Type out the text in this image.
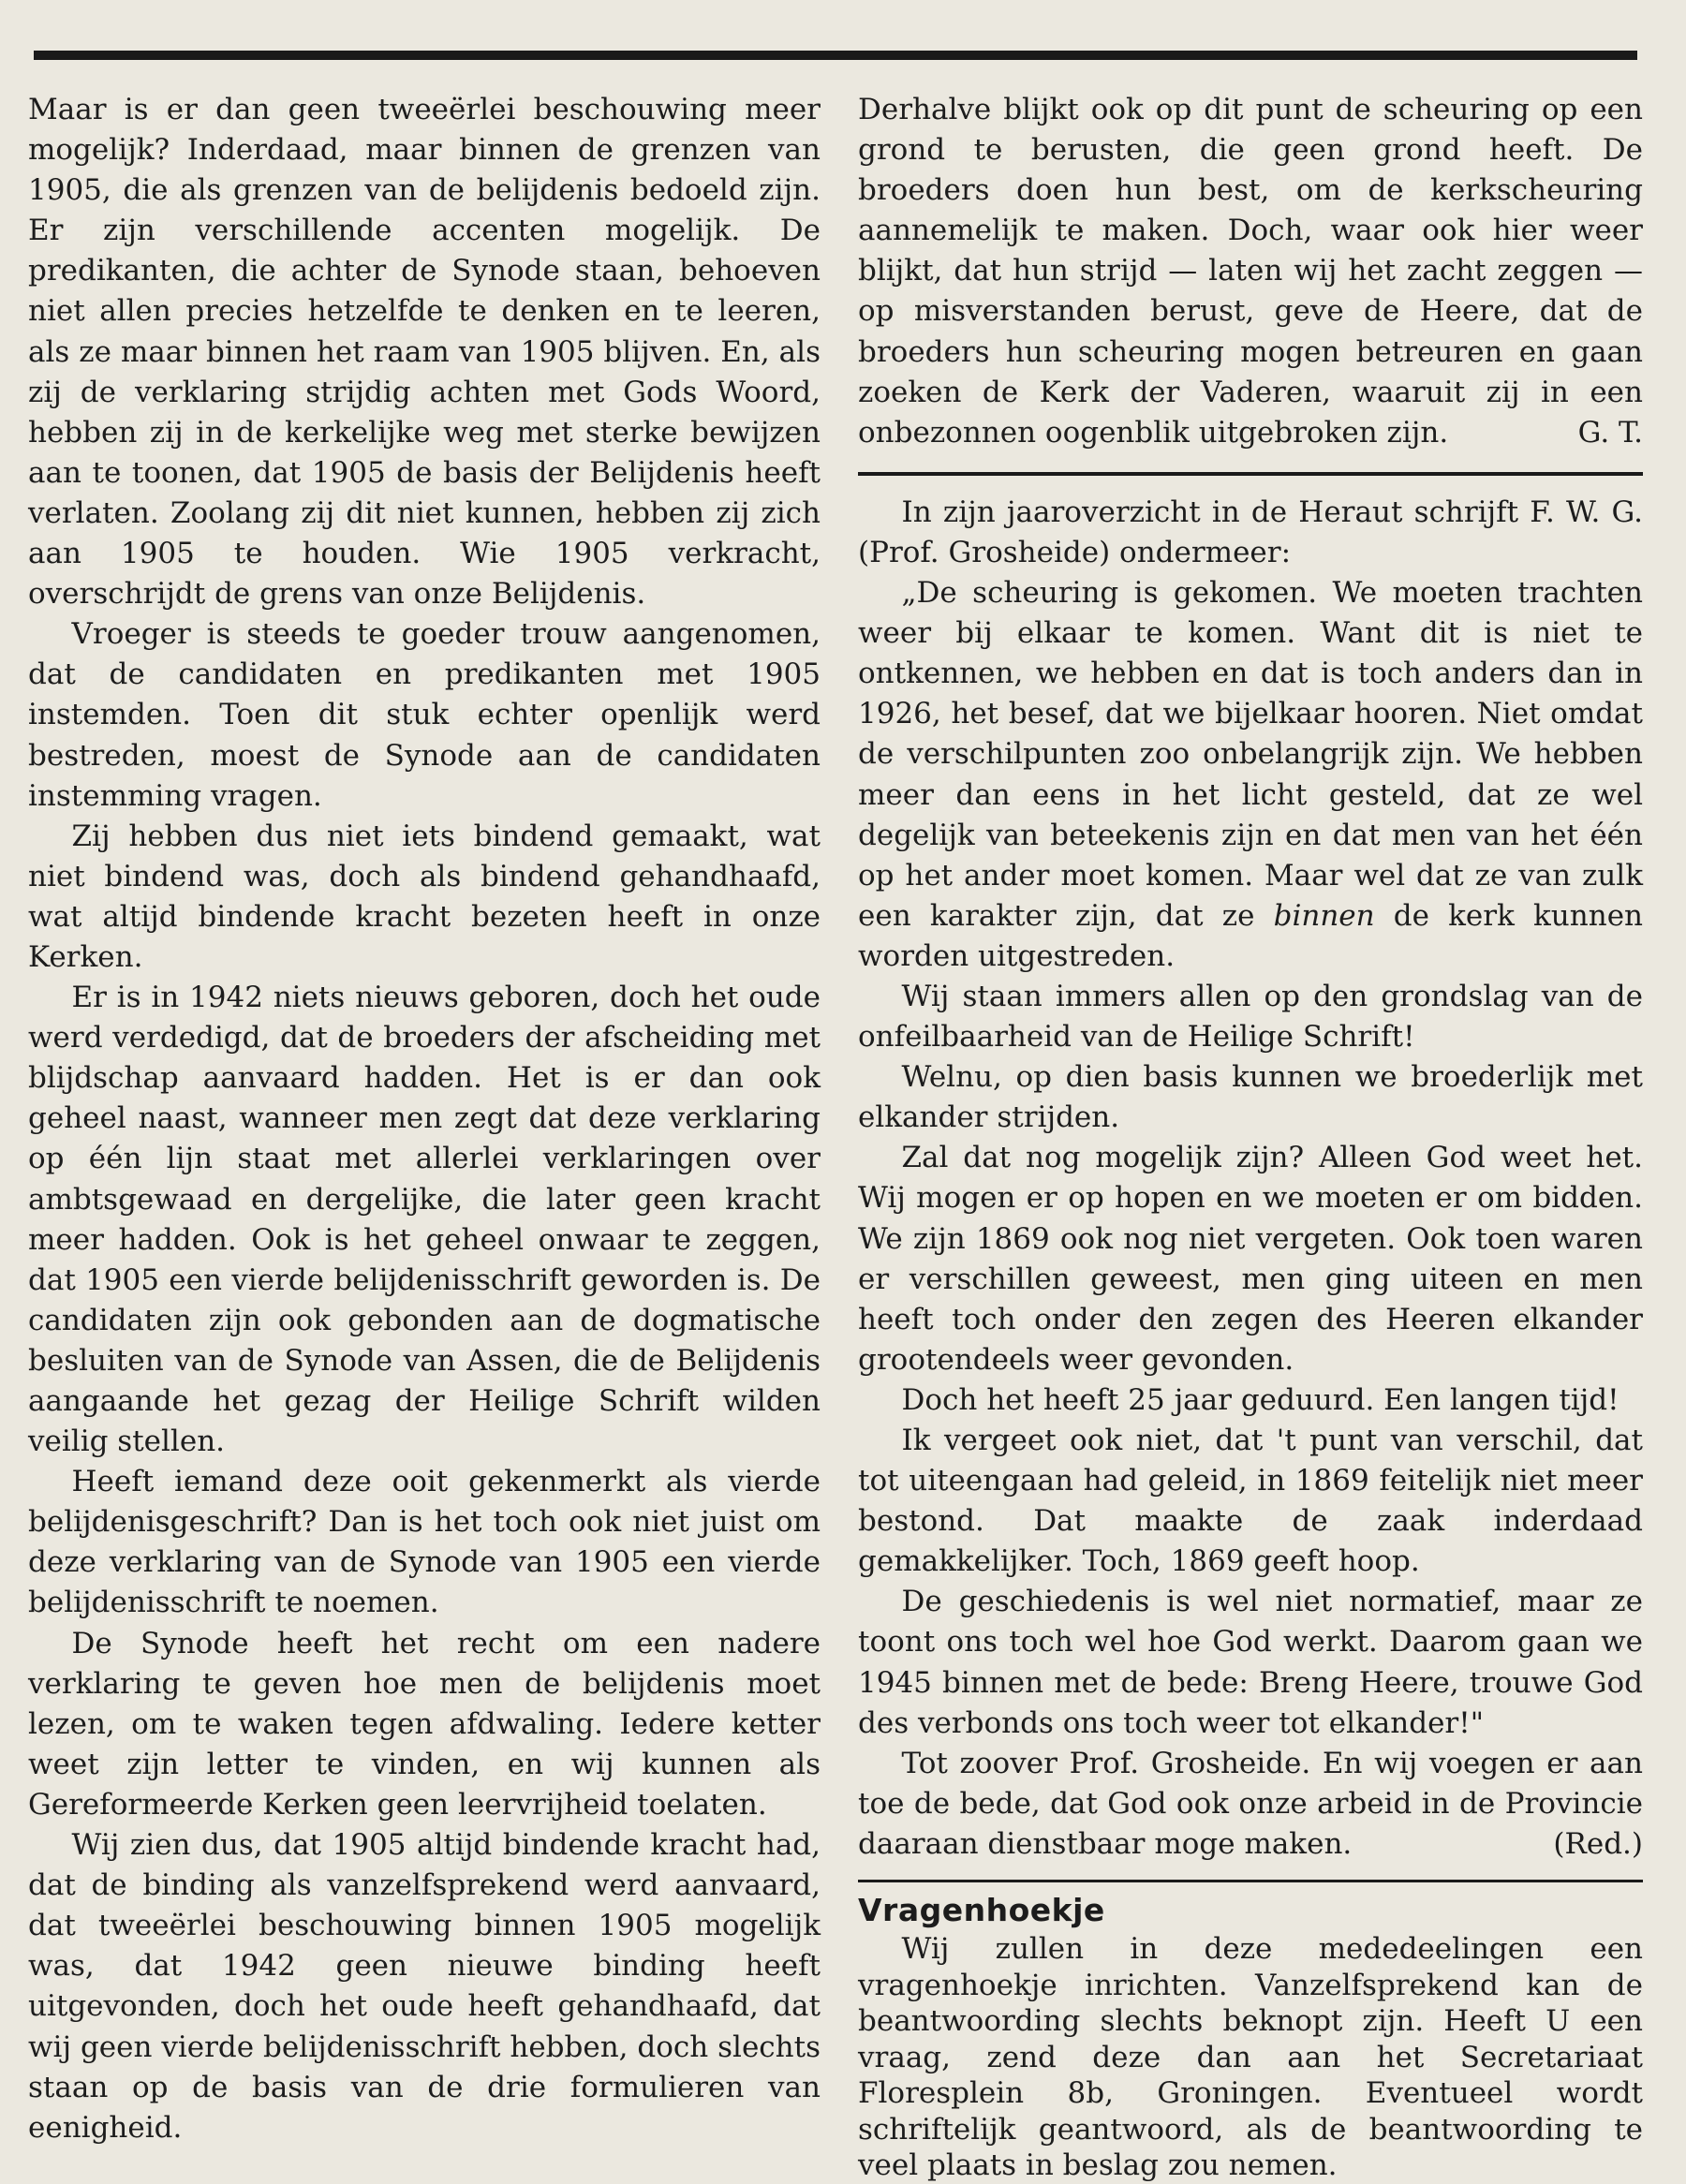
Maar is er dan geen tweeërlei beschouwing meer mogelijk? Inderdaad, maar binnen de grenzen van 1905, die als grenzen van de belijdenis bedoeld zijn. Er zijn verschillende accenten mogelijk. De predikanten, die achter de Synode staan, behoeven niet allen precies hetzelfde te denken en te leeren, als ze maar binnen het raam van 1905 blijven. En, als zij de verklaring strijdig achten met Gods Woord, hebben zij in de kerkelijke weg met sterke bewijzen aan te toonen, dat 1905 de basis der Belijdenis heeft verlaten. Zoolang zij dit niet kunnen, hebben zij zich aan 1905 te houden. Wie 1905 verkracht, overschrijdt de grens van onze Belijdenis.

Vroeger is steeds te goeder trouw aangenomen, dat de candidaten en predikanten met 1905 instemden. Toen dit stuk echter openlijk werd bestreden, moest de Synode aan de candidaten instemming vragen.

Zij hebben dus niet iets bindend gemaakt, wat niet bindend was, doch als bindend gehandhaafd, wat altijd bindende kracht bezeten heeft in onze Kerken.

Er is in 1942 niets nieuws geboren, doch het oude werd verdedigd, dat de broeders der afscheiding met blijdschap aanvaard hadden. Het is er dan ook geheel naast, wanneer men zegt dat deze verklaring op één lijn staat met allerlei verklaringen over ambtsgewaad en dergelijke, die later geen kracht meer hadden. Ook is het geheel onwaar te zeggen, dat 1905 een vierde belijdenisschrift geworden is. De candidaten zijn ook gebonden aan de dogmatische besluiten van de Synode van Assen, die de Belijdenis aangaande het gezag der Heilige Schrift wilden veilig stellen.

Heeft iemand deze ooit gekenmerkt als vierde belijdenisgeschrift? Dan is het toch ook niet juist om deze verklaring van de Synode van 1905 een vierde belijdenisschrift te noemen.

De Synode heeft het recht om een nadere verklaring te geven hoe men de belijdenis moet lezen, om te waken tegen afdwaling. Iedere ketter weet zijn letter te vinden, en wij kunnen als Gereformeerde Kerken geen leervrijheid toelaten.

Wij zien dus, dat 1905 altijd bindende kracht had, dat de binding als vanzelfsprekend werd aanvaard, dat tweeërlei beschouwing binnen 1905 mogelijk was, dat 1942 geen nieuwe binding heeft uitgevonden, doch het oude heeft gehandhaafd, dat wij geen vierde belijdenisschrift hebben, doch slechts staan op de basis van de drie formulieren van eenigheid.

Derhalve blijkt ook op dit punt de scheuring op een grond te berusten, die geen grond heeft. De broeders doen hun best, om de kerkscheuring aannemelijk te maken. Doch, waar ook hier weer blijkt, dat hun strijd — laten wij het zacht zeggen — op misverstanden berust, geve de Heere, dat de broeders hun scheuring mogen betreuren en gaan zoeken de Kerk der Vaderen, waaruit zij in een onbezonnen oogenblik uitgebroken zijn.	G. T.

In zijn jaaroverzicht in de Heraut schrijft F. W. G. (Prof. Grosheide) ondermeer:

„De scheuring is gekomen. We moeten trachten weer bij elkaar te komen. Want dit is niet te ontkennen, we hebben en dat is toch anders dan in 1926, het besef, dat we bijelkaar hooren. Niet omdat de verschilpunten zoo onbelangrijk zijn. We hebben meer dan eens in het licht gesteld, dat ze wel degelijk van beteekenis zijn en dat men van het één op het ander moet komen. Maar wel dat ze van zulk een karakter zijn, dat ze binnen de kerk kunnen worden uitgestreden.

Wij staan immers allen op den grondslag van de onfeilbaarheid van de Heilige Schrift!

Welnu, op dien basis kunnen we broederlijk met elkander strijden.

Zal dat nog mogelijk zijn? Alleen God weet het. Wij mogen er op hopen en we moeten er om bidden. We zijn 1869 ook nog niet vergeten. Ook toen waren er verschillen geweest, men ging uiteen en men heeft toch onder den zegen des Heeren elkander grootendeels weer gevonden.

Doch het heeft 25 jaar geduurd. Een langen tijd!

Ik vergeet ook niet, dat 't punt van verschil, dat tot uiteengaan had geleid, in 1869 feitelijk niet meer bestond. Dat maakte de zaak inderdaad gemakkelijker. Toch, 1869 geeft hoop.

De geschiedenis is wel niet normatief, maar ze toont ons toch wel hoe God werkt. Daarom gaan we 1945 binnen met de bede: Breng Heere, trouwe God des verbonds ons toch weer tot elkander!"

Tot zoover Prof. Grosheide. En wij voegen er aan toe de bede, dat God ook onze arbeid in de Provincie daaraan dienstbaar moge maken.	(Red.)

Vragenhoekje

Wij zullen in deze mededeelingen een vragenhoekje inrichten. Vanzelfsprekend kan de beantwoording slechts beknopt zijn. Heeft U een vraag, zend deze dan aan het Secretariaat Floresplein 8b, Groningen. Eventueel wordt schriftelijk geantwoord, als de beantwoording te veel plaats in beslag zou nemen.
